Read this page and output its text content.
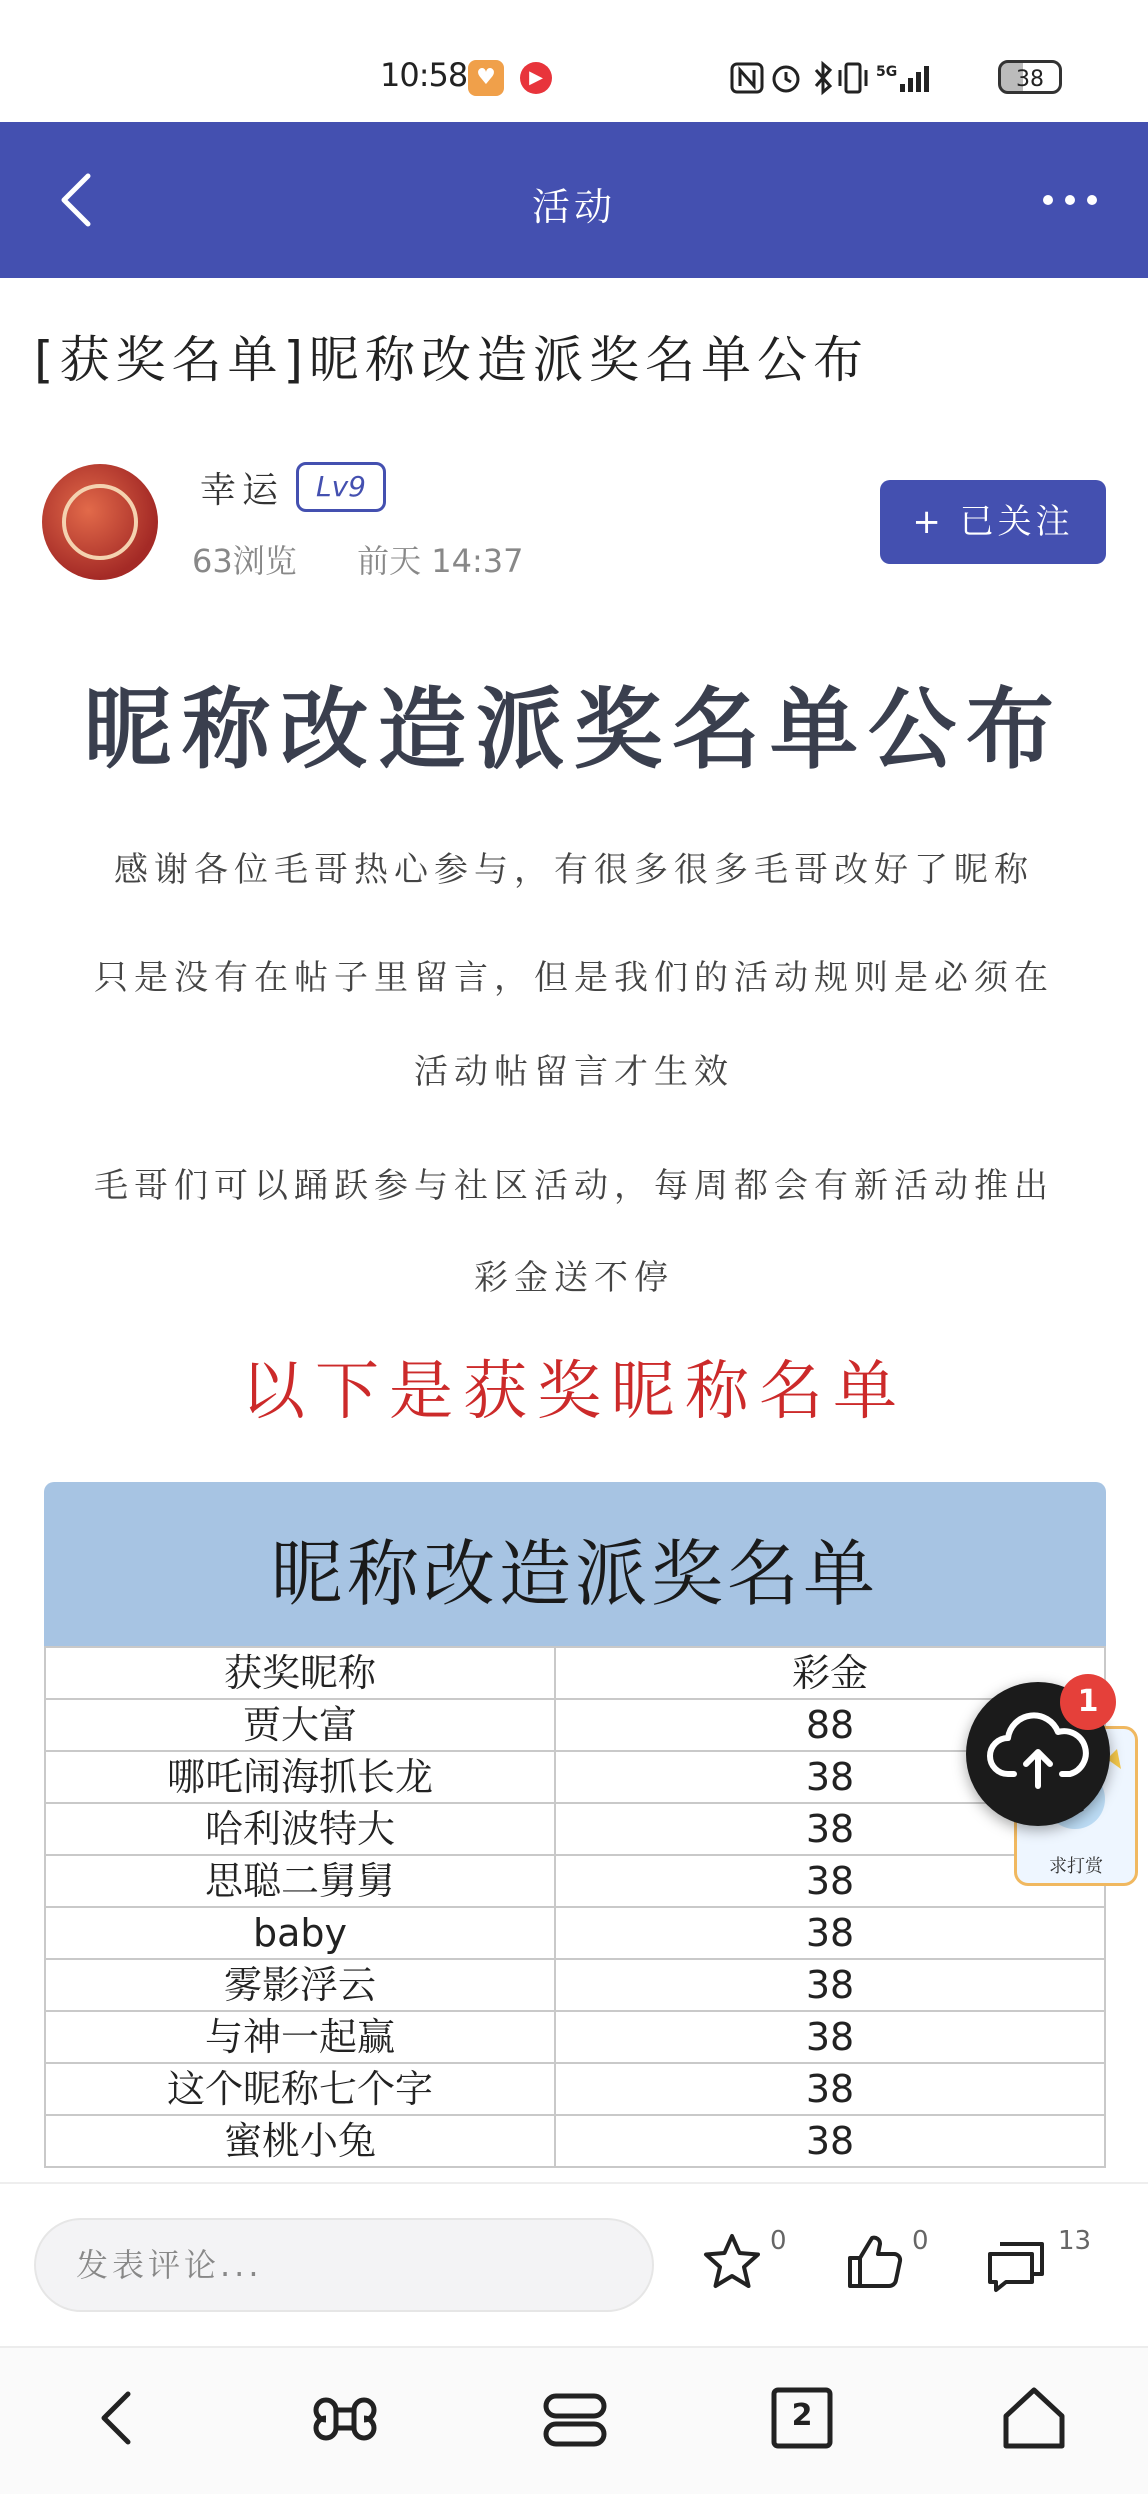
10:58 ♥	▶	5G	38
活动
[获奖名单]昵称改造派奖名单公布
幸运	Lv9
63浏览 前天 14:37
+ 已关注
昵称改造派奖名单公布
感谢各位毛哥热心参与，有很多很多毛哥改好了昵称
只是没有在帖子里留言，但是我们的活动规则是必须在
活动帖留言才生效
毛哥们可以踊跃参与社区活动，每周都会有新活动推出
彩金送不停
以下是获奖昵称名单
昵称改造派奖名单
获奖昵称	彩金
贾大富	88
哪吒闹海抓长龙	38
哈利波特大	38
思聪二舅舅	38
baby	38
雾影浮云	38
与神一起赢	38
这个昵称七个字	38
蜜桃小兔	38
求打赏
1
发表评论...
0	0	13
2
